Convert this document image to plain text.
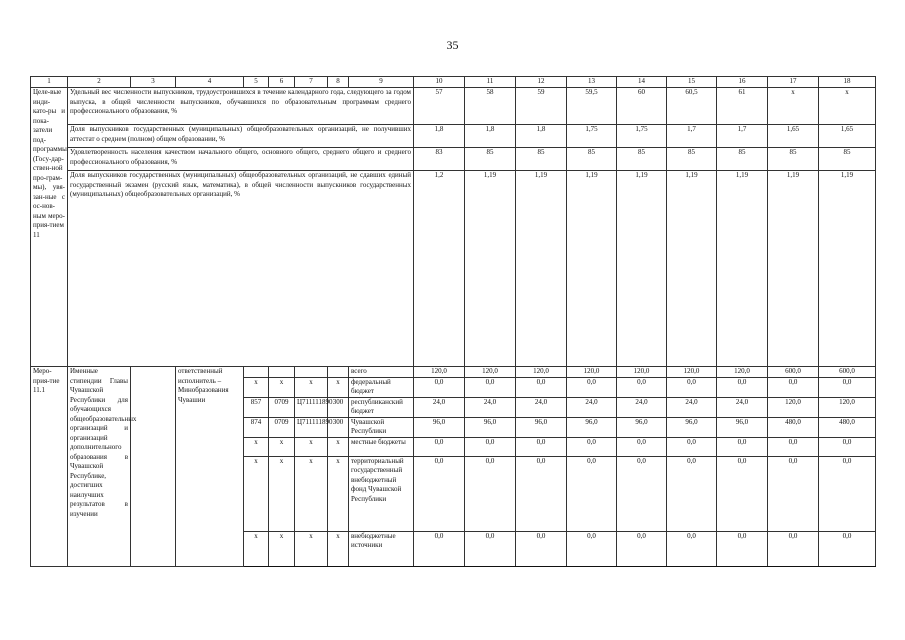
35
1	2	3	4	5	6	7	8	9	10	11	12	13	14	15	16	17	18
Целе-вые инди-като-ры и пока-затели под-программы (Госу-дар-ствен-ной про-грам-мы), увя-зан-ные с ос-нов-ным меро-прия-тием 11	Удельный вес численности выпускников, трудоустроившихся в течение календарного года, следующего за годом выпуска, в общей численности выпускников, обучавшихся по образовательным программам среднего профессионального образования, %								57	58	59	59,5	60	60,5	61	х	х
	Доля выпускников государственных (муниципальных) общеобразовательных организаций, не получивших аттестат о среднем (полном) общем образовании, %								1,8	1,8	1,8	1,75	1,75	1,7	1,7	1,65	1,65
	Удовлетворенность населения качеством начального общего, основного общего, среднего общего и среднего профессионального образования, %								83	85	85	85	85	85	85	85	85
	Доля выпускников государственных (муниципальных) общеобразовательных организаций, не сдавших единый государственный экзамен (русский язык, математика), в общей численности выпускников государственных (муниципальных) общеобразовательных организаций, %								1,2	1,19	1,19	1,19	1,19	1,19	1,19	1,19	1,19
Меро-прия-тие 11.1	Именные стипендии Главы Чувашской Республики для обучающихся общеобразовательных организаций и организаций дополнительного образования в Чувашской Республике, достигших наилучших результатов в изучении		ответственный исполнитель – Минобразования Чувашии					всего	120,0	120,0	120,0	120,0	120,0	120,0	120,0	600,0	600,0
				х	х	х	х	федеральный бюджет	0,0	0,0	0,0	0,0	0,0	0,0	0,0	0,0	0,0
				857	0709	Ц711111890	300	республиканский бюджет	24,0	24,0	24,0	24,0	24,0	24,0	24,0	120,0	120,0
				874	0709	Ц711111890	300	Чувашской Республики	96,0	96,0	96,0	96,0	96,0	96,0	96,0	480,0	480,0
				х	х	х	х	местные бюджеты	0,0	0,0	0,0	0,0	0,0	0,0	0,0	0,0	0,0
				х	х	х	х	территориальный государственный внебюджетный фонд Чувашской Республики	0,0	0,0	0,0	0,0	0,0	0,0	0,0	0,0	0,0
				х	х	х	х	внебюджетные источники	0,0	0,0	0,0	0,0	0,0	0,0	0,0	0,0	0,0
